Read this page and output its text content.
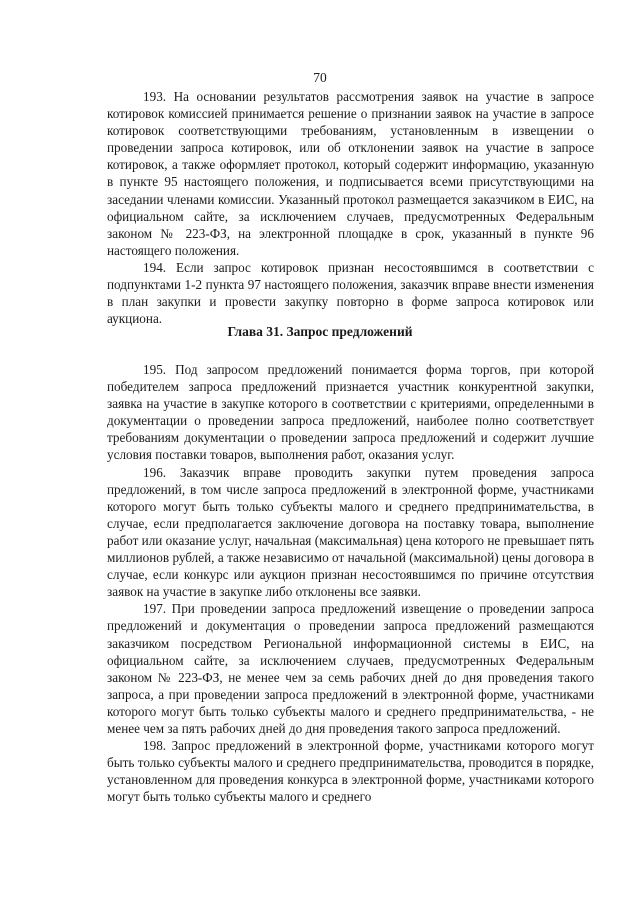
70

193. На основании результатов рассмотрения заявок на участие в запросе котировок комиссией принимается решение о признании заявок на участие в запросе котировок соответствующими требованиям, установленным в извещении о проведении запроса котировок, или об отклонении заявок на участие в запросе котировок, а также оформляет протокол, который содержит информацию, указанную в пункте 95 настоящего положения, и подписывается всеми присутствующими на заседании членами комиссии. Указанный протокол размещается заказчиком в ЕИС, на официальном сайте, за исключением случаев, предусмотренных Федеральным законом № 223-ФЗ, на электронной площадке в срок, указанный в пункте 96 настоящего положения.

194. Если запрос котировок признан несостоявшимся в соответствии с подпунктами 1-2 пункта 97 настоящего положения, заказчик вправе внести изменения в план закупки и провести закупку повторно в форме запроса котировок или аукциона.

Глава 31. Запрос предложений

195. Под запросом предложений понимается форма торгов, при которой победителем запроса предложений признается участник конкурентной закупки, заявка на участие в закупке которого в соответствии с критериями, определенными в документации о проведении запроса предложений, наиболее полно соответствует требованиям документации о проведении запроса предложений и содержит лучшие условия поставки товаров, выполнения работ, оказания услуг.

196. Заказчик вправе проводить закупки путем проведения запроса предложений, в том числе запроса предложений в электронной форме, участниками которого могут быть только субъекты малого и среднего предпринимательства, в случае, если предполагается заключение договора на поставку товара, выполнение работ или оказание услуг, начальная (максимальная) цена которого не превышает пять миллионов рублей, а также независимо от начальной (максимальной) цены договора в случае, если конкурс или аукцион признан несостоявшимся по причине отсутствия заявок на участие в закупке либо отклонены все заявки.

197. При проведении запроса предложений извещение о проведении запроса предложений и документация о проведении запроса предложений размещаются заказчиком посредством Региональной информационной системы в ЕИС, на официальном сайте, за исключением случаев, предусмотренных Федеральным законом № 223-ФЗ, не менее чем за семь рабочих дней до дня проведения такого запроса, а при проведении запроса предложений в электронной форме, участниками которого могут быть только субъекты малого и среднего предпринимательства, - не менее чем за пять рабочих дней до дня проведения такого запроса предложений.

198. Запрос предложений в электронной форме, участниками которого могут быть только субъекты малого и среднего предпринимательства, проводится в порядке, установленном для проведения конкурса в электронной форме, участниками которого могут быть только субъекты малого и среднего
